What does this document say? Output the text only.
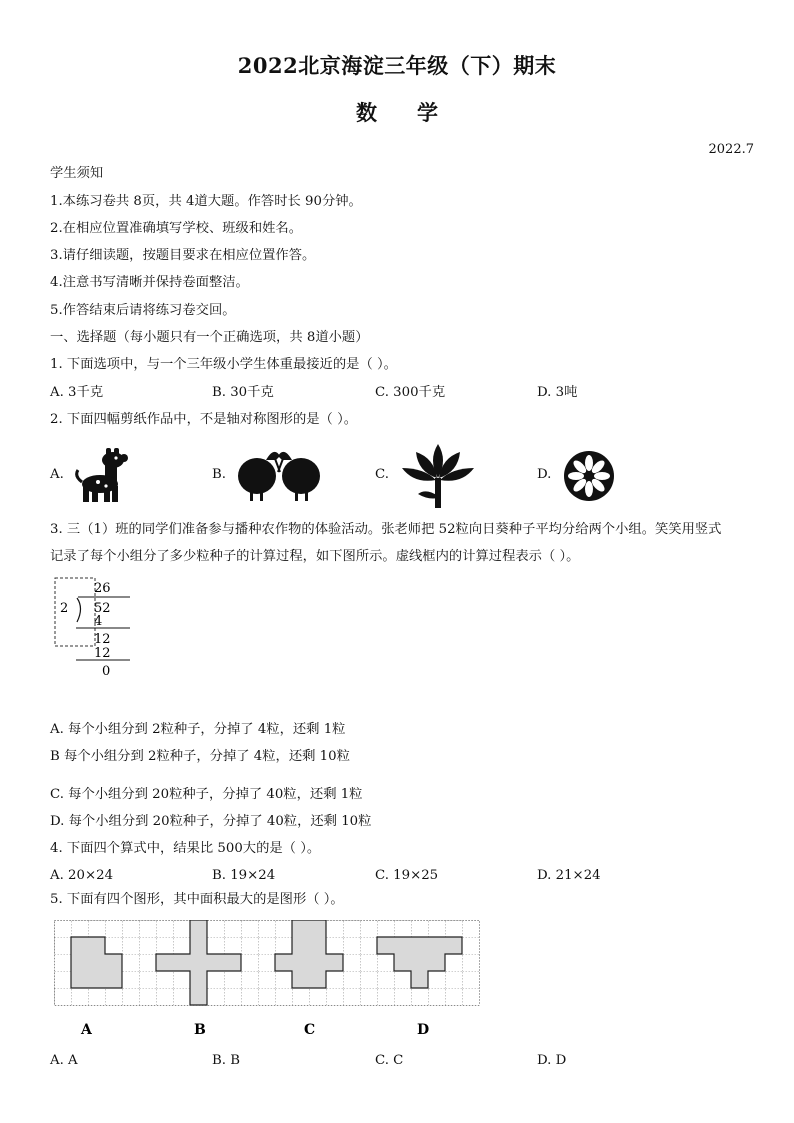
2022北京海淀三年级（下）期末
数学
2022.7
学生须知
1.本练习卷共 8页，共 4道大题。作答时长 90分钟。
2.在相应位置准确填写学校、班级和姓名。
3.请仔细读题，按题目要求在相应位置作答。
4.注意书写清晰并保持卷面整洁。
5.作答结束后请将练习卷交回。
一、选择题（每小题只有一个正确选项，共 8道小题）
1. 下面选项中，与一个三年级小学生体重最接近的是（ ）。
A. 3千克	B. 30千克	C. 300千克	D. 3吨
2. 下面四幅剪纸作品中，不是轴对称图形的是（ ）。
A.	B.	C.	D.
3. 三（1）班的同学们准备参与播种农作物的体验活动。张老师把 52粒向日葵种子平均分给两个小组。笑笑用竖式
记录了每个小组分了多少粒种子的计算过程，如下图所示。虚线框内的计算过程表示（ ）。
26
2 52
4
12
12
0
A. 每个小组分到 2粒种子，分掉了 4粒，还剩 1粒
B 每个小组分到 2粒种子，分掉了 4粒，还剩 10粒
C. 每个小组分到 20粒种子，分掉了 40粒，还剩 1粒
D. 每个小组分到 20粒种子，分掉了 40粒，还剩 10粒
4. 下面四个算式中，结果比 500大的是（ ）。
A. 20×24	B. 19×24	C. 19×25	D. 21×24
5. 下面有四个图形，其中面积最大的是图形（ ）。
A	B	C	D
A. A	B. B	C. C	D. D
